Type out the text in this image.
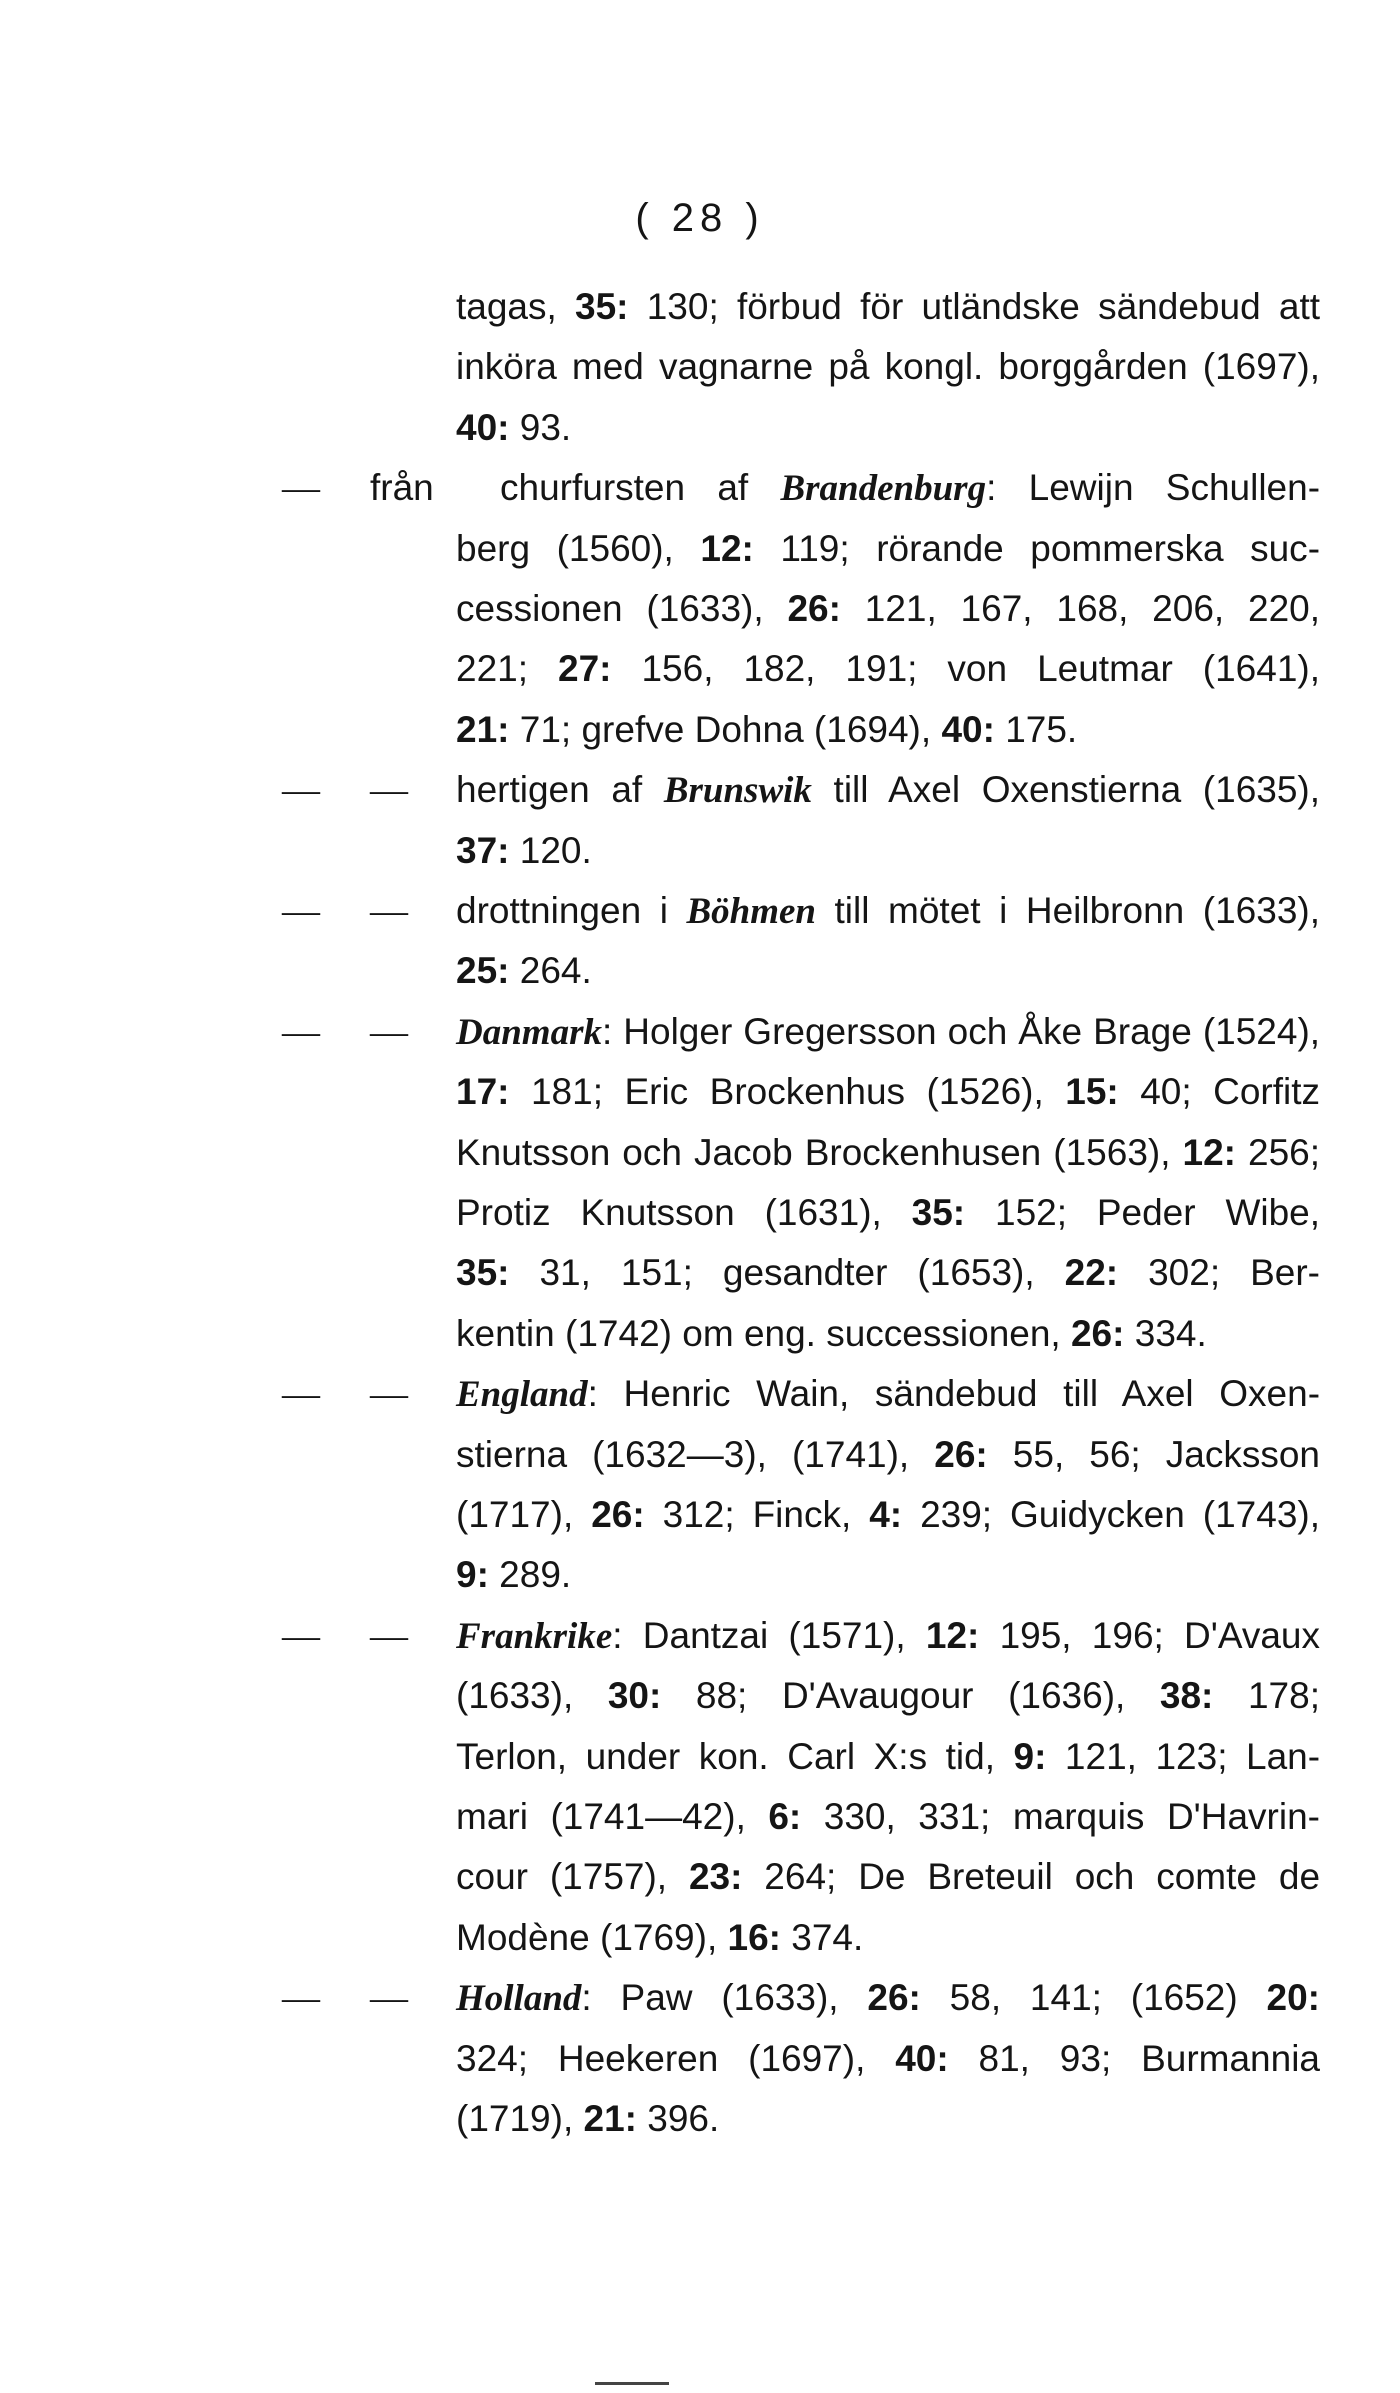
( 28 )
tagas, 35: 130; förbud för utländske sändebud att
inköra med vagnarne på kongl. borggården (1697),
40: 93.
— från churfursten af Brandenburg: Lewijn Schullen-
berg (1560), 12: 119; rörande pommerska suc-
cessionen (1633), 26: 121, 167, 168, 206, 220,
221; 27: 156, 182, 191; von Leutmar (1641),
21: 71; grefve Dohna (1694), 40: 175.
— — hertigen af Brunswik till Axel Oxenstierna (1635),
37: 120.
— — drottningen i Böhmen till mötet i Heilbronn (1633),
25: 264.
— — Danmark: Holger Gregersson och Åke Brage (1524),
17: 181; Eric Brockenhus (1526), 15: 40; Corfitz
Knutsson och Jacob Brockenhusen (1563), 12: 256;
Protiz Knutsson (1631), 35: 152; Peder Wibe,
35: 31, 151; gesandter (1653), 22: 302; Ber-
kentin (1742) om eng. successionen, 26: 334.
— — England: Henric Wain, sändebud till Axel Oxen-
stierna (1632—3), (1741), 26: 55, 56; Jacksson
(1717), 26: 312; Finck, 4: 239; Guidycken (1743),
9: 289.
— — Frankrike: Dantzai (1571), 12: 195, 196; D'Avaux
(1633), 30: 88; D'Avaugour (1636), 38: 178;
Terlon, under kon. Carl X:s tid, 9: 121, 123; Lan-
mari (1741—42), 6: 330, 331; marquis D'Havrin-
cour (1757), 23: 264; De Breteuil och comte de
Modène (1769), 16: 374.
— — Holland: Paw (1633), 26: 58, 141; (1652) 20:
324; Heekeren (1697), 40: 81, 93; Burmannia
(1719), 21: 396.
